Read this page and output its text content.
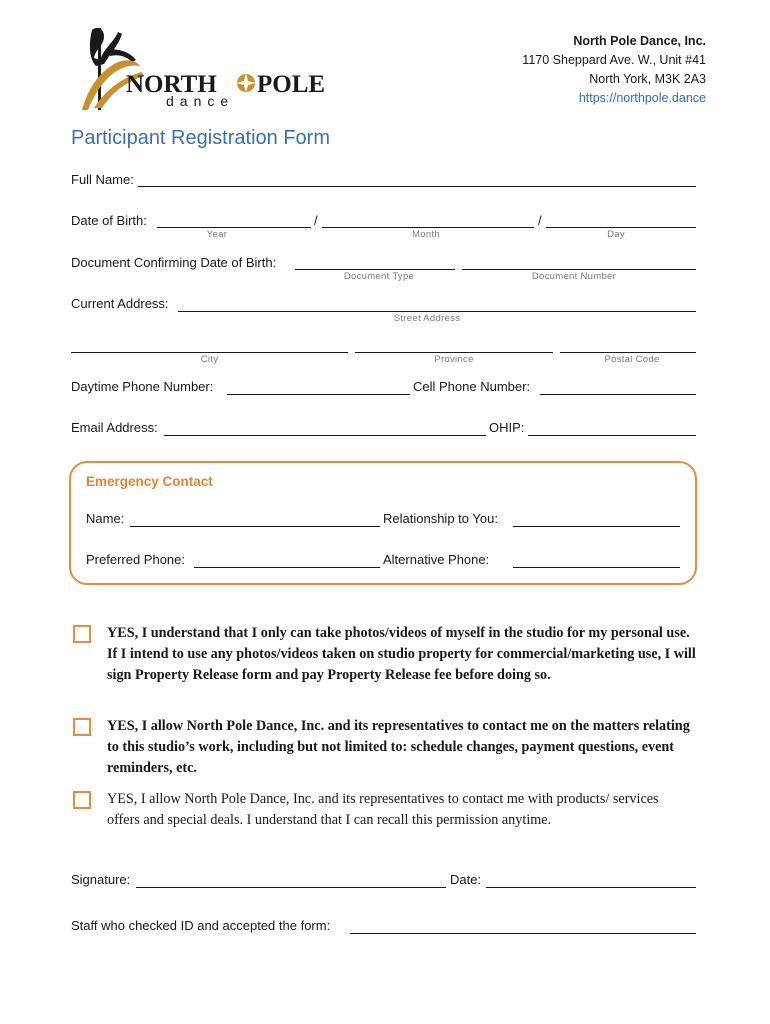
NORTH POLE
dance
North Pole Dance, Inc.
1170 Sheppard Ave. W., Unit #41
North York, M3K 2A3
https://northpole.dance
Participant Registration Form
Full Name:
Date of Birth:	/	/
Year	Month	Day
Document Confirming Date of Birth:
Document Type	Document Number
Current Address:
Street Address
City	Province	Postal Code
Daytime Phone Number:	Cell Phone Number:
Email Address:	OHIP:
Emergency Contact
Name:	Relationship to You:
Preferred Phone:	Alternative Phone:
YES, I understand that I only can take photos/videos of myself in the studio for my personal use. If I intend to use any photos/videos taken on studio property for commercial/marketing use, I will sign Property Release form and pay Property Release fee before doing so.
YES, I allow North Pole Dance, Inc. and its representatives to contact me on the matters relating to this studio’s work, including but not limited to: schedule changes, payment questions, event reminders, etc.
YES, I allow North Pole Dance, Inc. and its representatives to contact me with products/ services offers and special deals. I understand that I can recall this permission anytime.
Signature:	Date:
Staff who checked ID and accepted the form:
